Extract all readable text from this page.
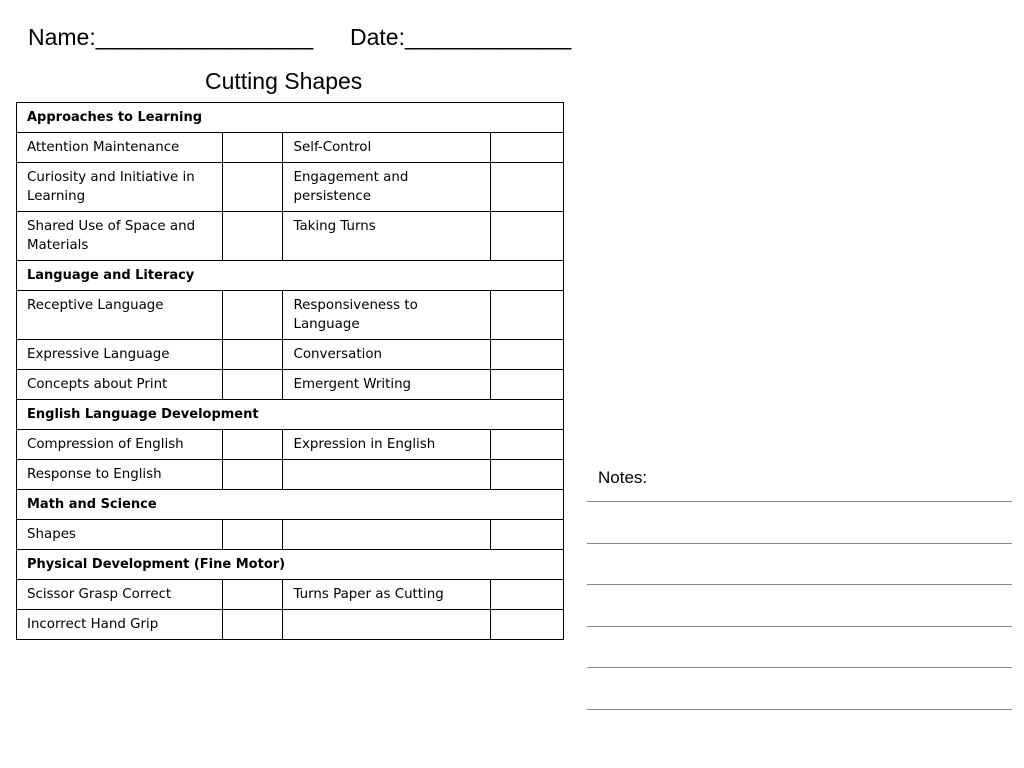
Name:_________________ Date:_____________
Cutting Shapes
Approaches to Learning			
Attention Maintenance		Self-Control	
Curiosity and Initiative in Learning		Engagement and persistence	
Shared Use of Space and Materials		Taking Turns	
Language and Literacy			
Receptive Language		Responsiveness to Language	
Expressive Language		Conversation	
Concepts about Print		Emergent Writing	
English Language Development			
Compression of English		Expression in English	
Response to English			
Math and Science			
Shapes			
Physical Development (Fine Motor)			
Scissor Grasp Correct		Turns Paper as Cutting	
Incorrect Hand Grip			
Notes:
